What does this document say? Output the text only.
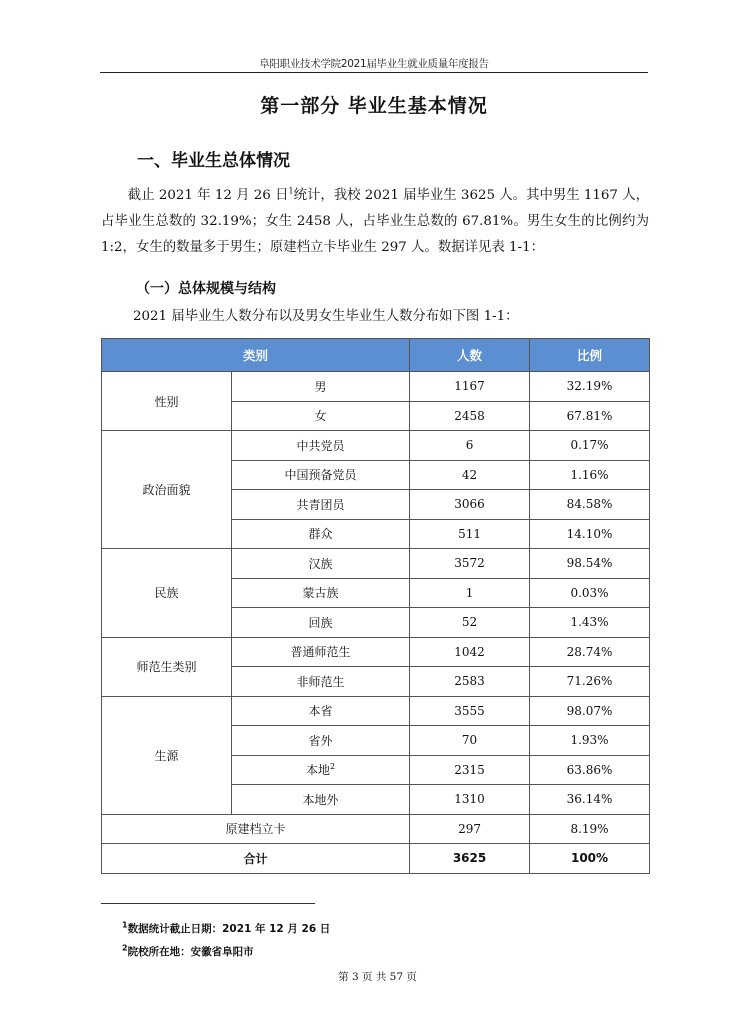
阜阳职业技术学院2021届毕业生就业质量年度报告
第一部分 毕业生基本情况
一、毕业生总体情况
截止 2021 年 12 月 26 日$^1$统计，我校 2021 届毕业生 3625 人。其中男生 1167 人，占毕业生总数的 32.19%；女生 2458 人，占毕业生总数的 67.81%。男生女生的比例约为 1:2，女生的数量多于男生；原建档立卡毕业生 297 人。数据详见表 1-1：
（一）总体规模与结构
2021 届毕业生人数分布以及男女生毕业生人数分布如下图 1-1：
类别		人数	比例
性别	男	1167	32.19%
	女	2458	67.81%
政治面貌	中共党员	6	0.17%
	中国预备党员	42	1.16%
	共青团员	3066	84.58%
	群众	511	14.10%
民族	汉族	3572	98.54%
	蒙古族	1	0.03%
	回族	52	1.43%
师范生类别	普通师范生	1042	28.74%
	非师范生	2583	71.26%
生源	本省	3555	98.07%
	省外	70	1.93%
	本地$^2$	2315	63.86%
	本地外	1310	36.14%
原建档立卡		297	8.19%
合计		3625	100%
$^1$数据统计截止日期：2021 年 12 月 26 日
$^2$院校所在地：安徽省阜阳市
第 3 页 共 57 页
